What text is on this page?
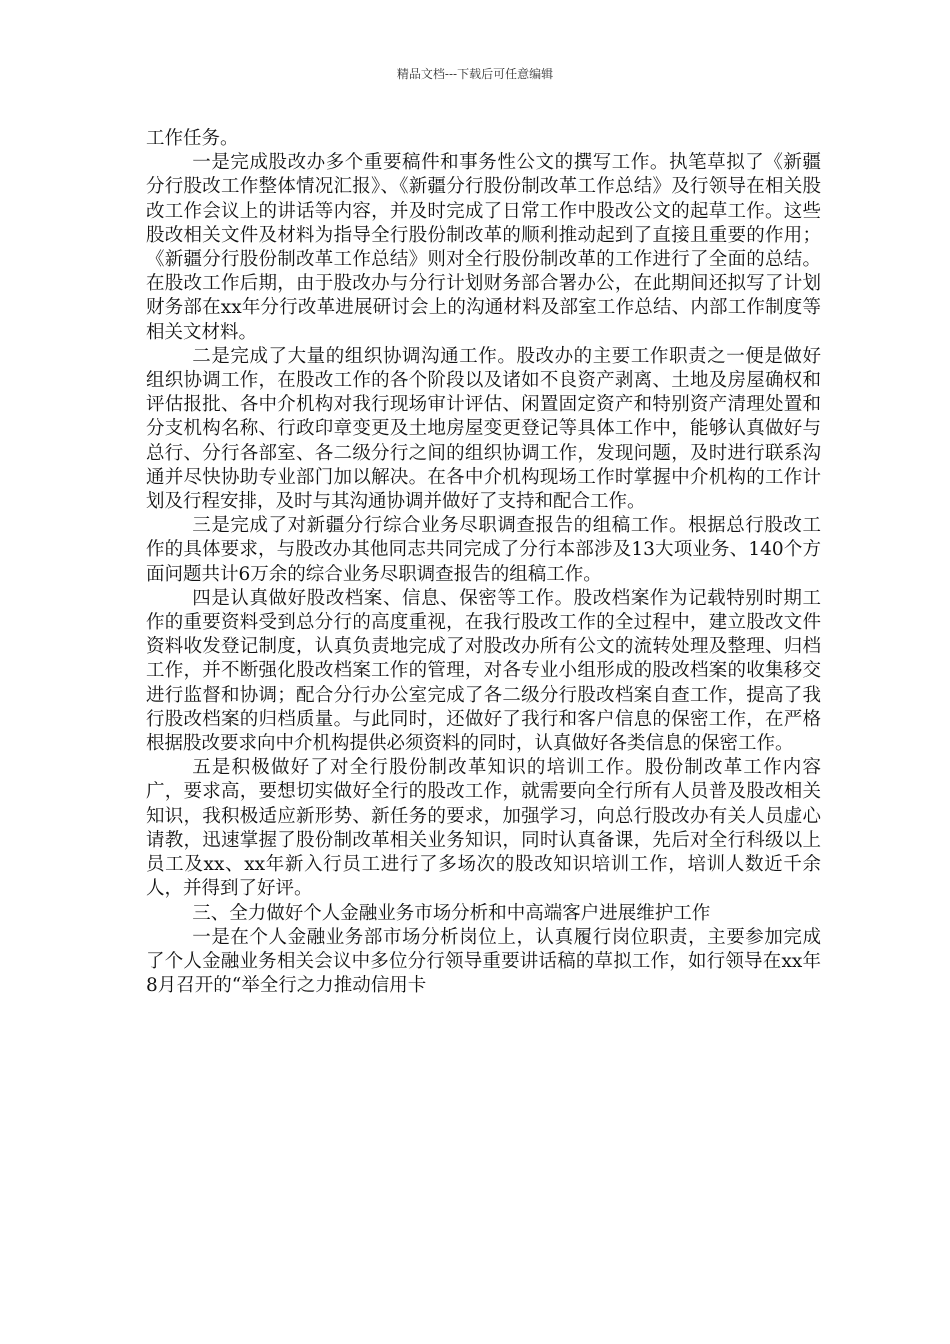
精品文档---下载后可任意编辑

工作任务。

一是完成股改办多个重要稿件和事务性公文的撰写工作。执笔草拟了《新疆分行股改工作整体情况汇报》、《新疆分行股份制改革工作总结》及行领导在相关股改工作会议上的讲话等内容，并及时完成了日常工作中股改公文的起草工作。这些股改相关文件及材料为指导全行股份制改革的顺利推动起到了直接且重要的作用；《新疆分行股份制改革工作总结》则对全行股份制改革的工作进行了全面的总结。在股改工作后期，由于股改办与分行计划财务部合署办公，在此期间还拟写了计划财务部在xx年分行改革进展研讨会上的沟通材料及部室工作总结、内部工作制度等相关文材料。

二是完成了大量的组织协调沟通工作。股改办的主要工作职责之一便是做好组织协调工作，在股改工作的各个阶段以及诸如不良资产剥离、土地及房屋确权和评估报批、各中介机构对我行现场审计评估、闲置固定资产和特别资产清理处置和分支机构名称、行政印章变更及土地房屋变更登记等具体工作中，能够认真做好与总行、分行各部室、各二级分行之间的组织协调工作，发现问题，及时进行联系沟通并尽快协助专业部门加以解决。在各中介机构现场工作时掌握中介机构的工作计划及行程安排，及时与其沟通协调并做好了支持和配合工作。

三是完成了对新疆分行综合业务尽职调查报告的组稿工作。根据总行股改工作的具体要求，与股改办其他同志共同完成了分行本部涉及13大项业务、140个方面问题共计6万余的综合业务尽职调查报告的组稿工作。

四是认真做好股改档案、信息、保密等工作。股改档案作为记载特别时期工作的重要资料受到总分行的高度重视，在我行股改工作的全过程中，建立股改文件资料收发登记制度，认真负责地完成了对股改办所有公文的流转处理及整理、归档工作，并不断强化股改档案工作的管理，对各专业小组形成的股改档案的收集移交进行监督和协调；配合分行办公室完成了各二级分行股改档案自查工作，提高了我行股改档案的归档质量。与此同时，还做好了我行和客户信息的保密工作，在严格根据股改要求向中介机构提供必须资料的同时，认真做好各类信息的保密工作。

五是积极做好了对全行股份制改革知识的培训工作。股份制改革工作内容广，要求高，要想切实做好全行的股改工作，就需要向全行所有人员普及股改相关知识，我积极适应新形势、新任务的要求，加强学习，向总行股改办有关人员虚心请教，迅速掌握了股份制改革相关业务知识，同时认真备课，先后对全行科级以上员工及xx、xx年新入行员工进行了多场次的股改知识培训工作，培训人数近千余人，并得到了好评。

三、全力做好个人金融业务市场分析和中高端客户进展维护工作

一是在个人金融业务部市场分析岗位上，认真履行岗位职责，主要参加完成了个人金融业务相关会议中多位分行领导重要讲话稿的草拟工作，如行领导在xx年8月召开的“举全行之力推动信用卡
